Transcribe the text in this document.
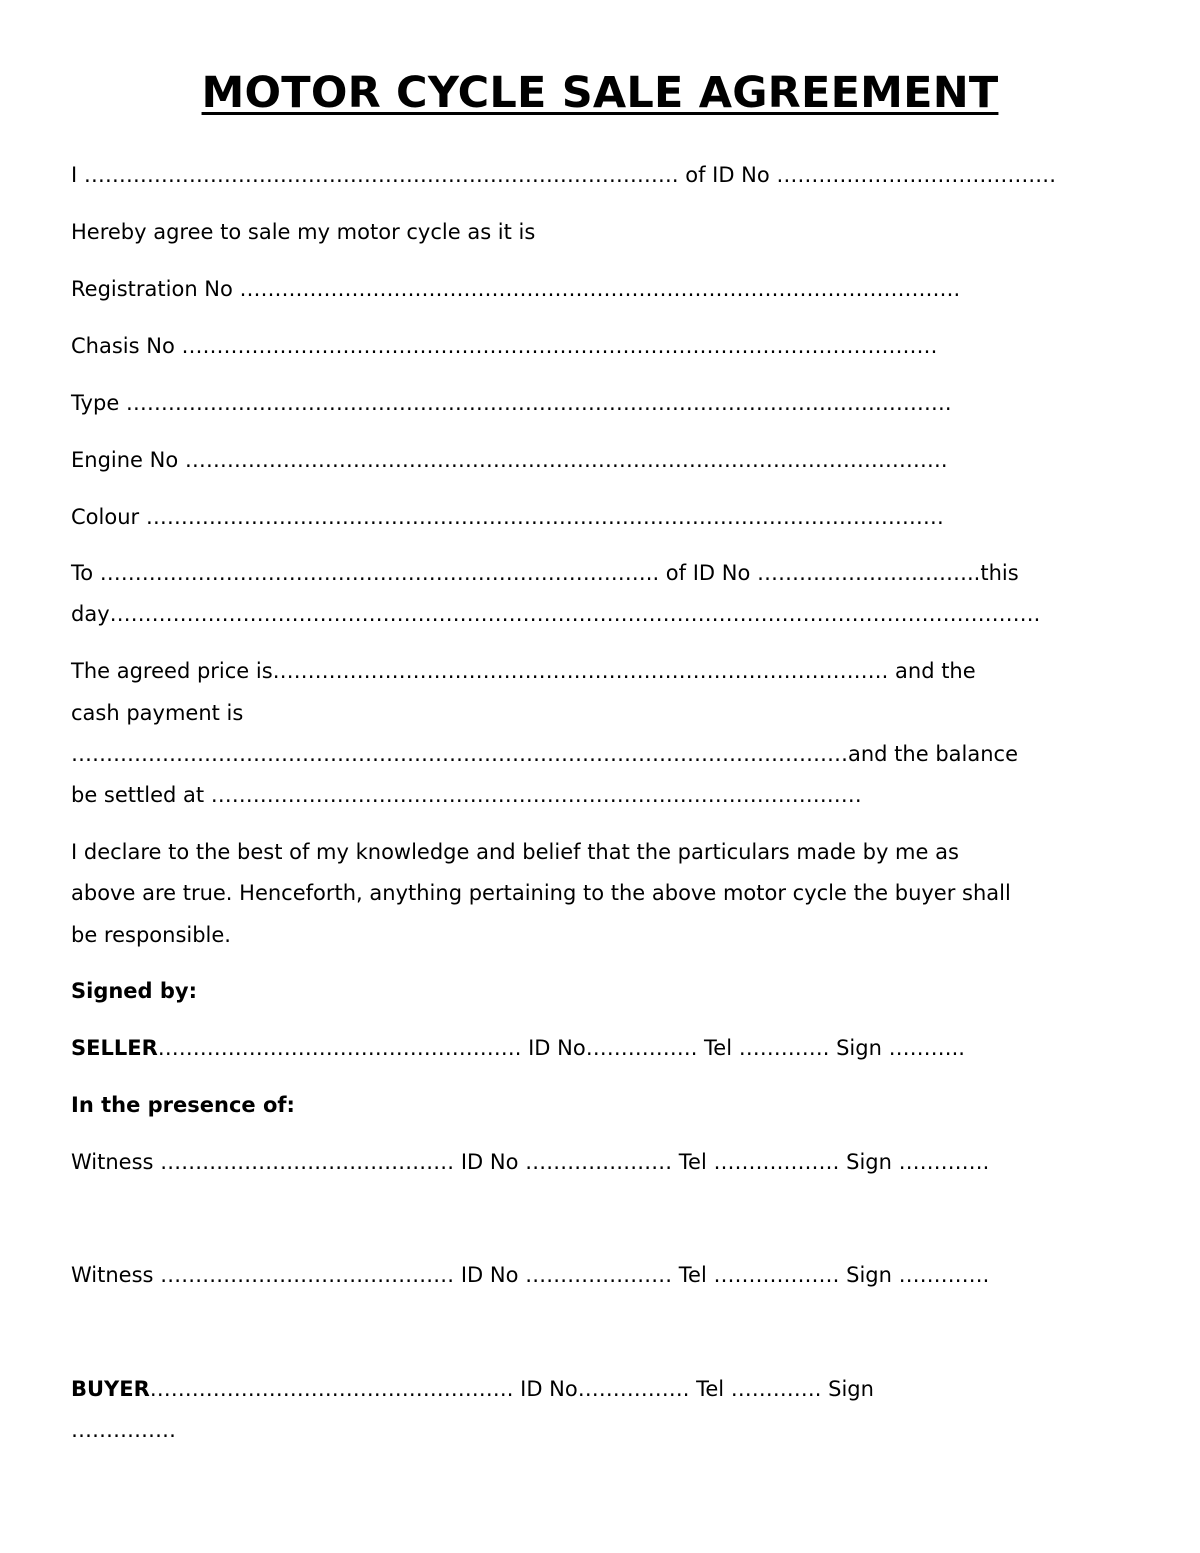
MOTOR CYCLE SALE AGREEMENT
I …………………………………………………………………………. of ID No ……………………………….…
Hereby agree to sale my motor cycle as it is
Registration No ………………………………………………………………………………………….
Chasis No ………………………………………………………………………………………………
Type ……………………………………………………………………………………………………….
Engine No ……………………………………………………………………………………………….
Colour ……………………………………………………………………………………………………
To …………………………………………………………………….. of ID No …………………………..this
day…………………………………………………………………………………………………………………….
The agreed price is……………………………………………………………………………. and the
cash payment is
…………………………………………………………………………………………………and the balance
be settled at …………………………………………………………………………………
I declare to the best of my knowledge and belief that the particulars made by me as
above are true. Henceforth, anything pertaining to the above motor cycle the buyer shall
be responsible.
Signed by:
SELLER……………………………………………. ID No……………. Tel …………. Sign ………..
In the presence of:
Witness …………………………………… ID No ………………… Tel ……………… Sign ………….
Witness …………………………………… ID No ………………… Tel ……………… Sign ………….
BUYER……………………………………………. ID No……………. Tel …………. Sign
……………
